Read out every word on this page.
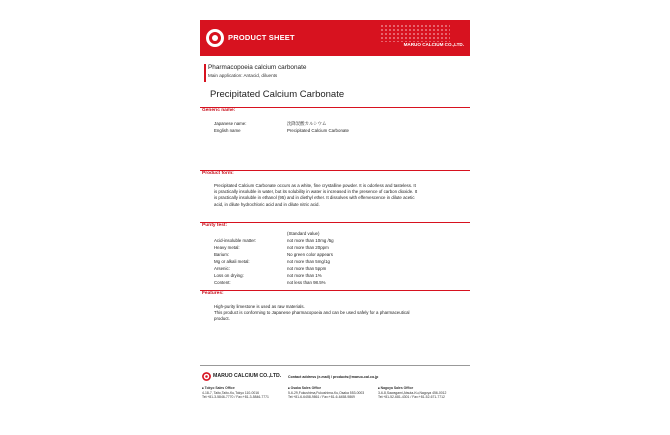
PRODUCT SHEET
MARUO CALCIUM CO.,LTD.
Pharmacopoeia calcium carbonate
Main application: Antacid, diluents
Precipitated Calcium Carbonate
Generic name:
Japanese name:	沈降炭酸カルシウム
English name	Precipitated Calcium Carbonate
Product form:
Precipitated Calcium Carbonate occurs as a white, fine crystalline powder. It is odorless and tasteless. It
is practically insoluble in water, but its solubility in water is increased in the presence of carbon dioxide. It
is practically insoluble in ethanol (95) and in diethyl ether. It dissolves with effervescence in dilute acetic
acid, in dilute hydrochloric acid and in dilute nitric acid.
Purity test:
(Standard value)
Acid-insoluble matter:	not more than 10mg /5g
Heavy metal:	not more than 20ppm
Barium:	No green color appears
Mg or alkali metal:	not more than 5mg/1g
Arsenic:	not more than 5ppm
Loss on drying:	not more than 1%
Content:	not less than 98.5%
Features:
High-purity limestone is used as raw materials.
This product is conforming to Japanese pharmacopoeia and can be used safely for a pharmaceutical
product.
MARUO CALCIUM CO.,LTD. Contact address (e-mail) / products@maruo-cal.co.jp
■ Tokyo Sales Office
4-18-7, Taito,Taito-Ku,Tokyo 110-0016
Tel:+81-3-5846-7770 / Fax:+81-3-5846-7771
■ Osaka Sales Office
5-6-29,Fukushima,Fukushima-Ku,Osaka 553-0003
Tel:+81-6-6458-9861 / Fax:+81-6-6458-9869
■ Nagoya Sales Office
3-6-8,Sawagami,Atsuta-Ku,Nagoya 456-0012
Tel:+81-52-681-4301 / Fax:+81-52-671-7712
